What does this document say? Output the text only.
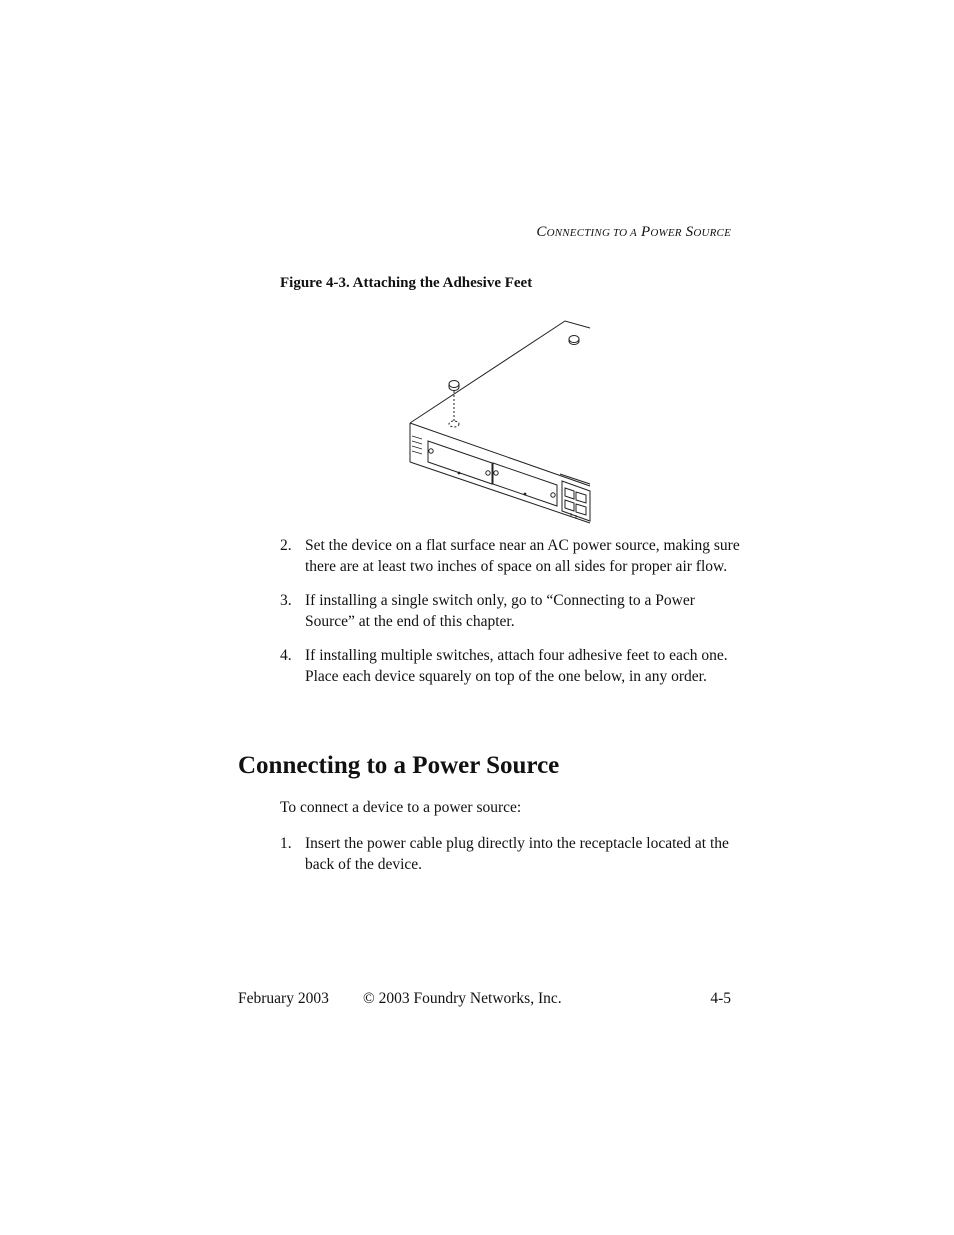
CONNECTING TO A POWER SOURCE
Figure 4-3. Attaching the Adhesive Feet
2. Set the device on a flat surface near an AC power source, making sure there are at least two inches of space on all sides for proper air flow.
3. If installing a single switch only, go to “Connecting to a Power Source” at the end of this chapter.
4. If installing multiple switches, attach four adhesive feet to each one. Place each device squarely on top of the one below, in any order.
Connecting to a Power Source
To connect a device to a power source:
1. Insert the power cable plug directly into the receptacle located at the back of the device.
February 2003 © 2003 Foundry Networks, Inc.	4-5
